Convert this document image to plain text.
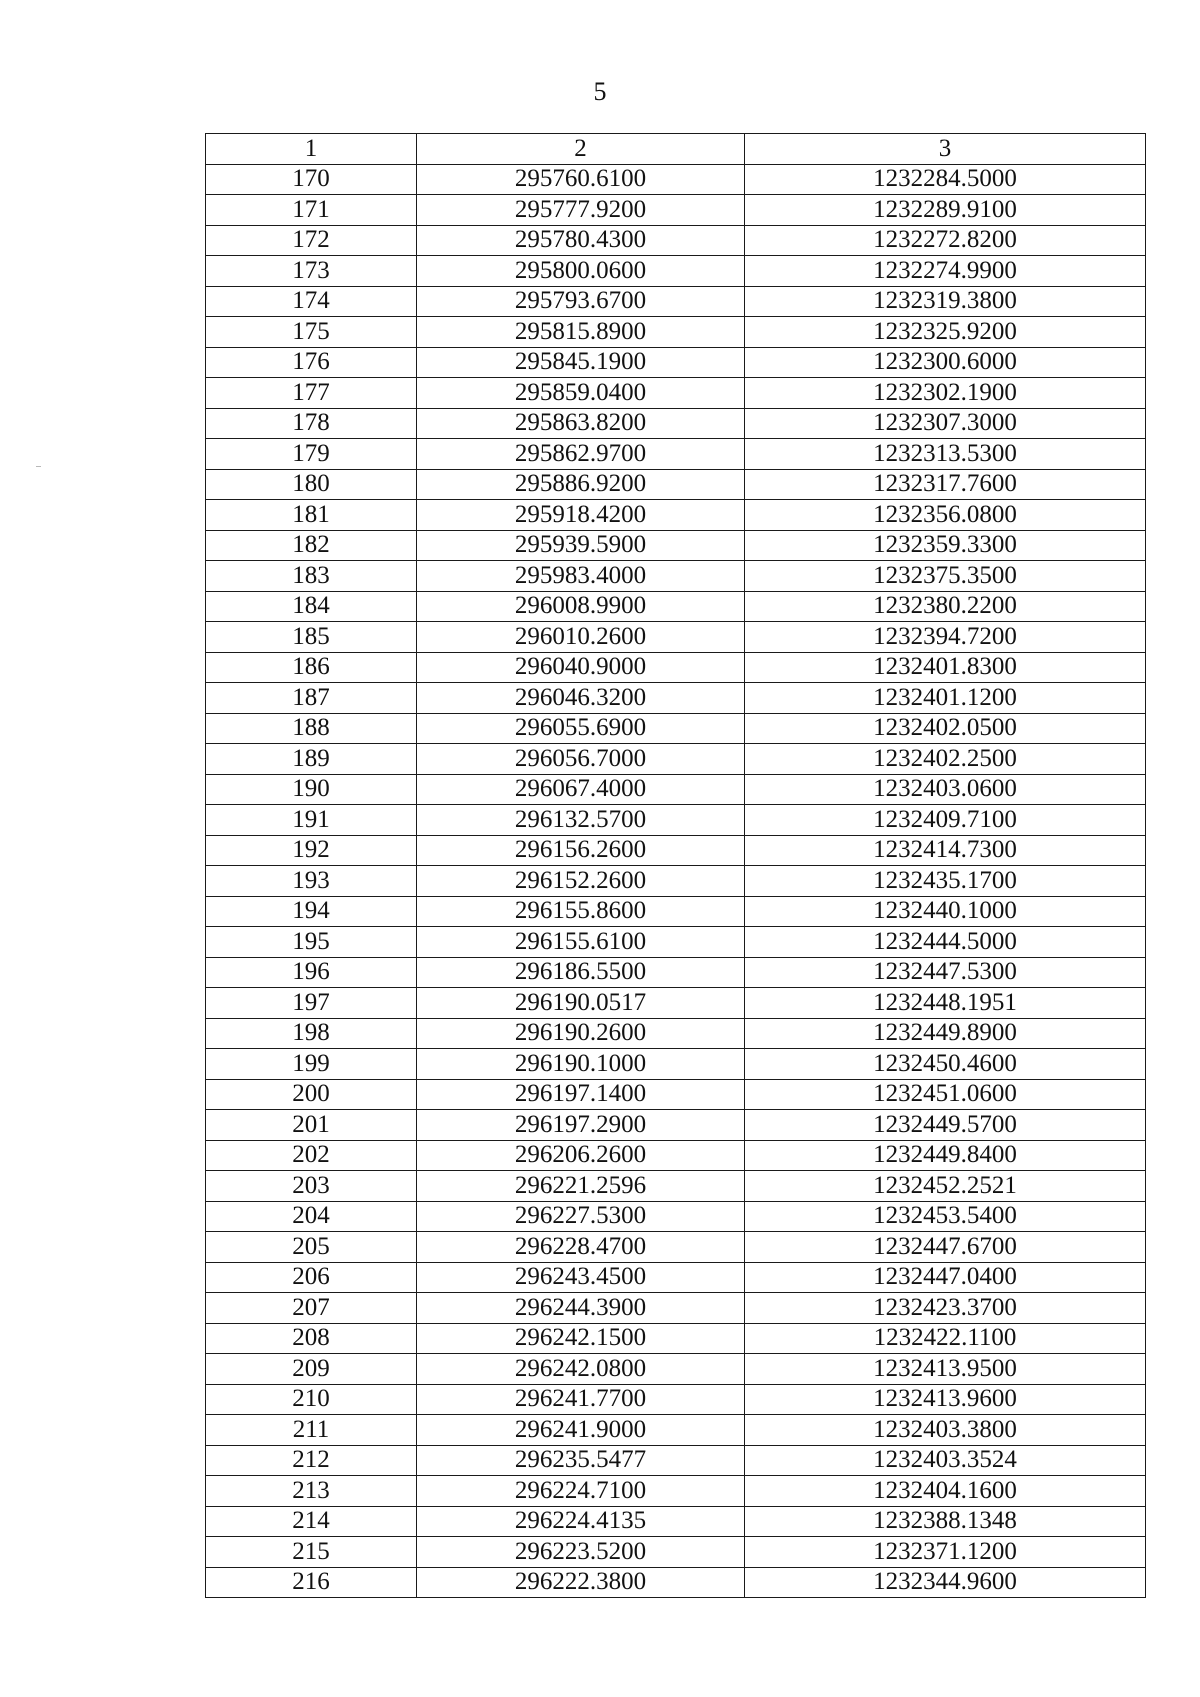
5
1	2	3
170	295760.6100	1232284.5000
171	295777.9200	1232289.9100
172	295780.4300	1232272.8200
173	295800.0600	1232274.9900
174	295793.6700	1232319.3800
175	295815.8900	1232325.9200
176	295845.1900	1232300.6000
177	295859.0400	1232302.1900
178	295863.8200	1232307.3000
179	295862.9700	1232313.5300
180	295886.9200	1232317.7600
181	295918.4200	1232356.0800
182	295939.5900	1232359.3300
183	295983.4000	1232375.3500
184	296008.9900	1232380.2200
185	296010.2600	1232394.7200
186	296040.9000	1232401.8300
187	296046.3200	1232401.1200
188	296055.6900	1232402.0500
189	296056.7000	1232402.2500
190	296067.4000	1232403.0600
191	296132.5700	1232409.7100
192	296156.2600	1232414.7300
193	296152.2600	1232435.1700
194	296155.8600	1232440.1000
195	296155.6100	1232444.5000
196	296186.5500	1232447.5300
197	296190.0517	1232448.1951
198	296190.2600	1232449.8900
199	296190.1000	1232450.4600
200	296197.1400	1232451.0600
201	296197.2900	1232449.5700
202	296206.2600	1232449.8400
203	296221.2596	1232452.2521
204	296227.5300	1232453.5400
205	296228.4700	1232447.6700
206	296243.4500	1232447.0400
207	296244.3900	1232423.3700
208	296242.1500	1232422.1100
209	296242.0800	1232413.9500
210	296241.7700	1232413.9600
211	296241.9000	1232403.3800
212	296235.5477	1232403.3524
213	296224.7100	1232404.1600
214	296224.4135	1232388.1348
215	296223.5200	1232371.1200
216	296222.3800	1232344.9600
